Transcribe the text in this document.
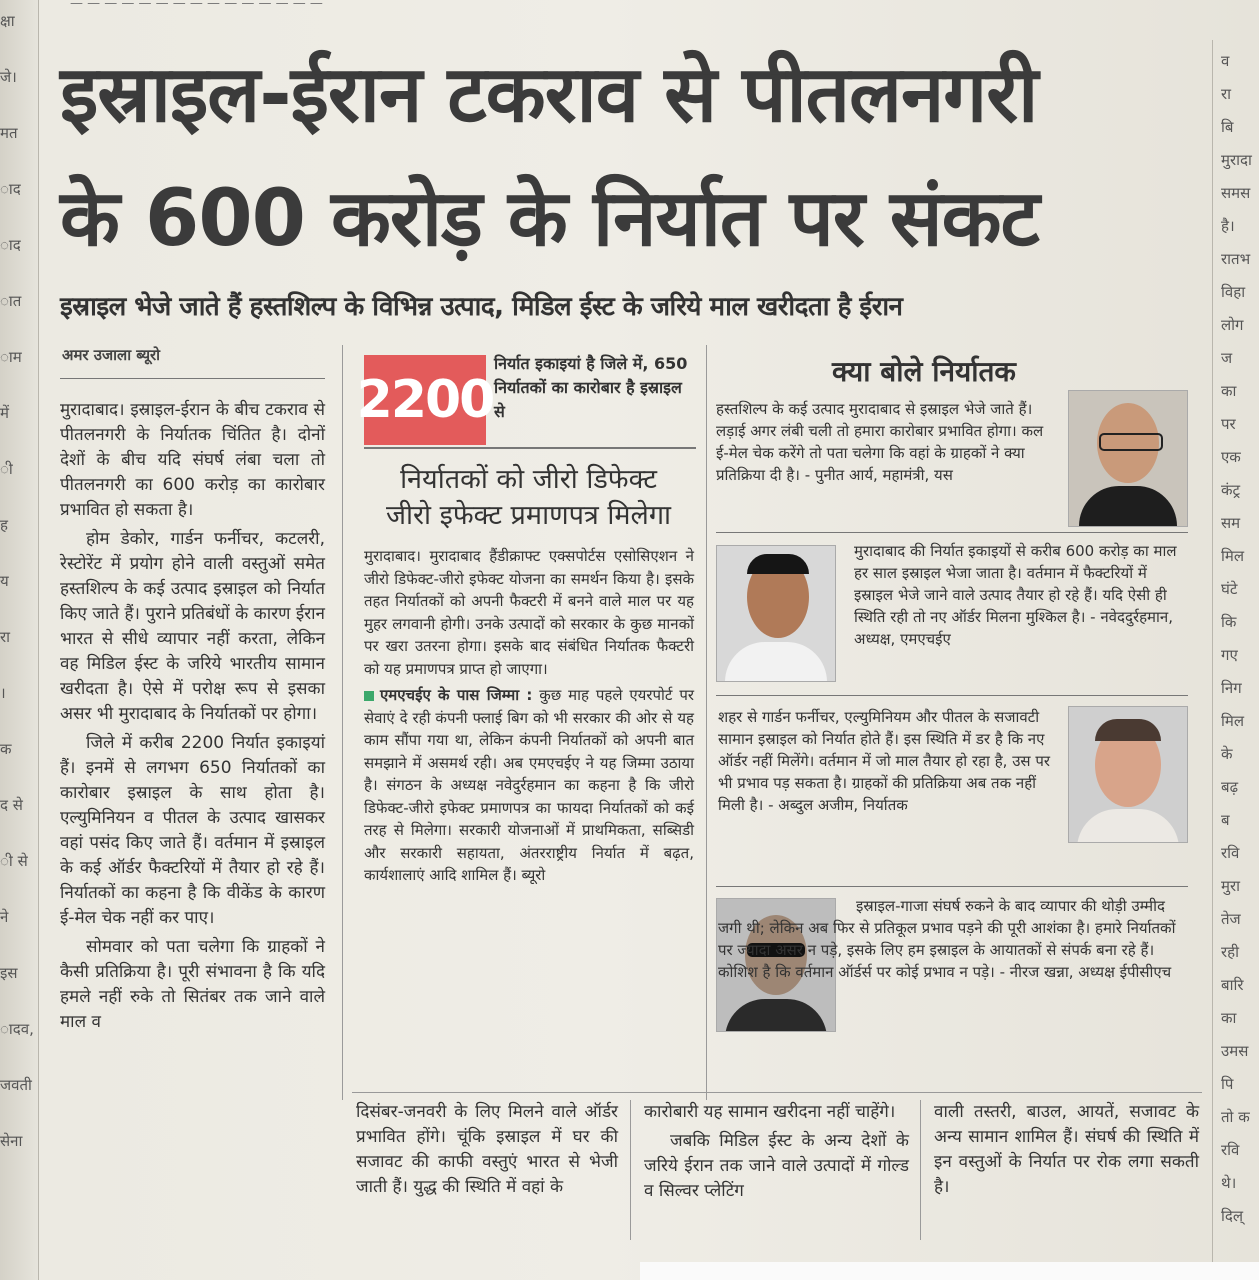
— — — — — — — — — — — — — — —
क्षा
जे।
मत
ाद
ाद
ात
ाम
में
ी
ह
य
रा
।
क
द से
ी से
ने
इस
ादव,
जवती
सेना
व
रा
बि
मुरादा
समस
है।
रातभ
विहा
लोग
ज
का
पर
एक
कंट्र
सम
मिल
घंटे
कि
गए
निग
मिल
के
बढ़
ब
रवि
मुरा
तेज
रही
बारि
का
उमस
पि
तो क
रवि
थे।
दिल्
इस्राइल-ईरान टकराव से पीतलनगरी
के 600 करोड़ के निर्यात पर संकट
इस्राइल भेजे जाते हैं हस्तशिल्प के विभिन्न उत्पाद, मिडिल ईस्ट के जरिये माल खरीदता है ईरान
अमर उजाला ब्यूरो

मुरादाबाद। इस्राइल-ईरान के बीच टकराव से पीतलनगरी के निर्यातक चिंतित है। दोनों देशों के बीच यदि संघर्ष लंबा चला तो पीतलनगरी का 600 करोड़ का कारोबार प्रभावित हो सकता है।

होम डेकोर, गार्डन फर्नीचर, कटलरी, रेस्टोरेंट में प्रयोग होने वाली वस्तुओं समेत हस्तशिल्प के कई उत्पाद इस्राइल को निर्यात किए जाते हैं। पुराने प्रतिबंधों के कारण ईरान भारत से सीधे व्यापार नहीं करता, लेकिन वह मिडिल ईस्ट के जरिये भारतीय सामान खरीदता है। ऐसे में परोक्ष रूप से इसका असर भी मुरादाबाद के निर्यातकों पर होगा।

जिले में करीब 2200 निर्यात इकाइयां हैं। इनमें से लगभग 650 निर्यातकों का कारोबार इस्राइल के साथ होता है। एल्युमिनियन व पीतल के उत्पाद खासकर वहां पसंद किए जाते हैं। वर्तमान में इस्राइल के कई ऑर्डर फैक्टरियों में तैयार हो रहे हैं। निर्यातकों का कहना है कि वीकेंड के कारण ई-मेल चेक नहीं कर पाए।

सोमवार को पता चलेगा कि ग्राहकों ने कैसी प्रतिक्रिया है। पूरी संभावना है कि यदि हमले नहीं रुके तो सितंबर तक जाने वाले माल व

2200
निर्यात इकाइयां है जिले में, 650 निर्यातकों का कारोबार है इस्राइल से
निर्यातकों को जीरो डिफेक्ट
जीरो इफेक्ट प्रमाणपत्र मिलेगा

मुरादाबाद। मुरादाबाद हैंडीक्राफ्ट एक्सपोर्टस एसोसिएशन ने जीरो डिफेक्ट-जीरो इफेक्ट योजना का समर्थन किया है। इसके तहत निर्यातकों को अपनी फैक्टरी में बनने वाले माल पर यह मुहर लगवानी होगी। उनके उत्पादों को सरकार के कुछ मानकों पर खरा उतरना होगा। इसके बाद संबंधित निर्यातक फैक्टरी को यह प्रमाणपत्र प्राप्त हो जाएगा।

एमएचईए के पास जिम्मा : कुछ माह पहले एयरपोर्ट पर सेवाएं दे रही कंपनी फ्लाई बिग को भी सरकार की ओर से यह काम सौंपा गया था, लेकिन कंपनी निर्यातकों को अपनी बात समझाने में असमर्थ रही। अब एमएचईए ने यह जिम्मा उठाया है। संगठन के अध्यक्ष नवेदुर्रहमान का कहना है कि जीरो डिफेक्ट-जीरो इफेक्ट प्रमाणपत्र का फायदा निर्यातकों को कई तरह से मिलेगा। सरकारी योजनाओं में प्राथमिकता, सब्सिडी और सरकारी सहायता, अंतरराष्ट्रीय निर्यात में बढ़त, कार्यशालाएं आदि शामिल हैं। ब्यूरो

क्या बोले निर्यातक
हस्तशिल्प के कई उत्पाद मुरादाबाद से इस्राइल भेजे जाते हैं। लड़ाई अगर लंबी चली तो हमारा कारोबार प्रभावित होगा। कल ई-मेल चेक करेंगे तो पता चलेगा कि वहां के ग्राहकों ने क्या प्रतिक्रिया दी है। - पुनीत आर्य, महामंत्री, यस
मुरादाबाद की निर्यात इकाइयों से करीब 600 करोड़ का माल हर साल इस्राइल भेजा जाता है। वर्तमान में फैक्टरियों में इस्राइल भेजे जाने वाले उत्पाद तैयार हो रहे हैं। यदि ऐसी ही स्थिति रही तो नए ऑर्डर मिलना मुश्किल है। - नवेददुर्रहमान, अध्यक्ष, एमएचईए
शहर से गार्डन फर्नीचर, एल्युमिनियम और पीतल के सजावटी सामान इस्राइल को निर्यात होते हैं। इस स्थिति में डर है कि नए ऑर्डर नहीं मिलेंगे। वर्तमान में जो माल तैयार हो रहा है, उस पर भी प्रभाव पड़ सकता है। ग्राहकों की प्रतिक्रिया अब तक नहीं मिली है। - अब्दुल अजीम, निर्यातक
इस्राइल-गाजा संघर्ष रुकने के बाद व्यापार की थोड़ी उम्मीद जगी थी; लेकिन अब फिर से प्रतिकूल प्रभाव पड़ने की पूरी आशंका है। हमारे निर्यातकों पर ज्यादा असर न पड़े, इसके लिए हम इस्राइल के आयातकों से संपर्क बना रहे हैं। कोशिश है कि वर्तमान ऑर्डर्स पर कोई प्रभाव न पड़े। - नीरज खन्ना, अध्यक्ष ईपीसीएच

दिसंबर-जनवरी के लिए मिलने वाले ऑर्डर प्रभावित होंगे। चूंकि इस्राइल में घर की सजावट की काफी वस्तुएं भारत से भेजी जाती हैं। युद्ध की स्थिति में वहां के

कारोबारी यह सामान खरीदना नहीं चाहेंगे।

जबकि मिडिल ईस्ट के अन्य देशों के जरिये ईरान तक जाने वाले उत्पादों में गोल्ड व सिल्वर प्लेटिंग

वाली तस्तरी, बाउल, आयतें, सजावट के अन्य सामान शामिल हैं। संघर्ष की स्थिति में इन वस्तुओं के निर्यात पर रोक लगा सकती है।
